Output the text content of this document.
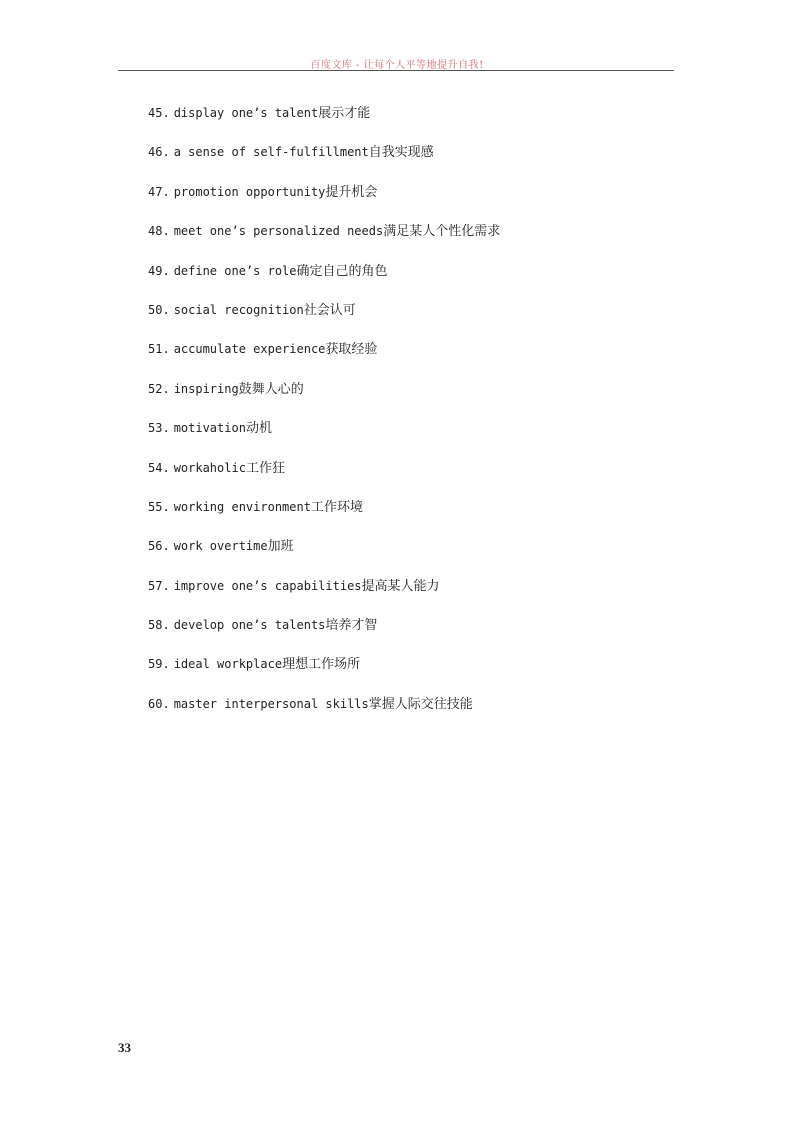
百度文库 - 让每个人平等地提升自我!
45. display one’s talent展示才能
46. a sense of self-fulfillment自我实现感
47. promotion opportunity提升机会
48. meet one’s personalized needs满足某人个性化需求
49. define one’s role确定自己的角色
50. social recognition社会认可
51. accumulate experience获取经验
52. inspiring鼓舞人心的
53. motivation动机
54. workaholic工作狂
55. working environment工作环境
56. work overtime加班
57. improve one’s capabilities提高某人能力
58. develop one’s talents培养才智
59. ideal workplace理想工作场所
60. master interpersonal skills掌握人际交往技能
33
